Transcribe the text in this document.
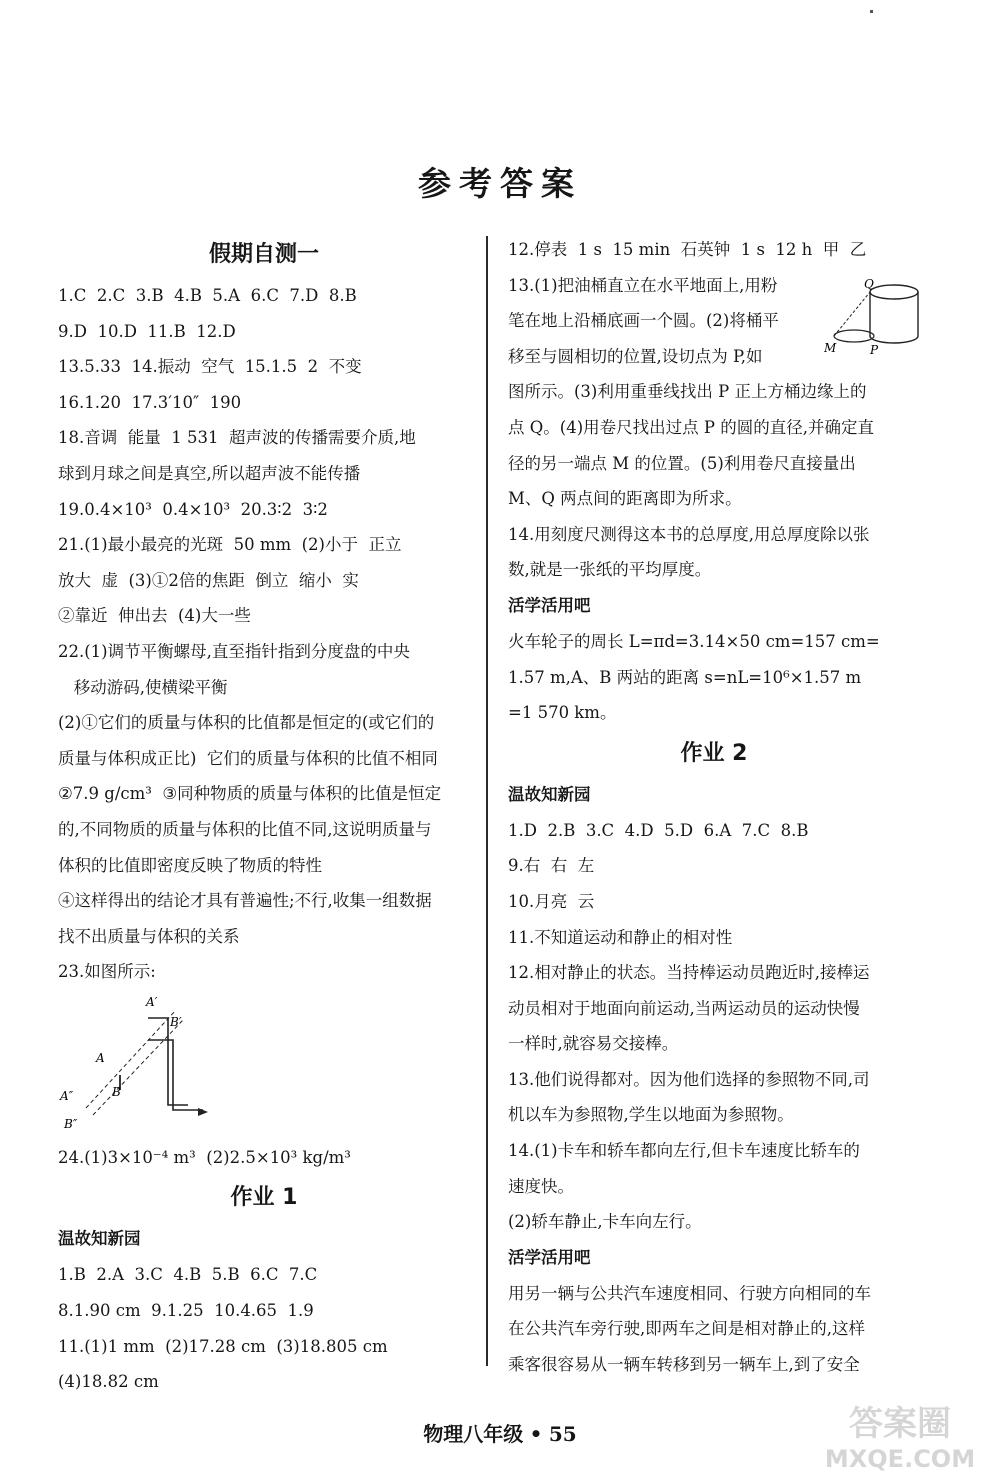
参考答案
假期自测一
1.C  2.C  3.B  4.B  5.A  6.C  7.D  8.B
9.D  10.D  11.B  12.D
13.5.33  14.振动  空气  15.1.5  2  不变
16.1.20  17.3′10″  190
18.音调  能量  1 531  超声波的传播需要介质,地
球到月球之间是真空,所以超声波不能传播
19.0.4×10³  0.4×10³  20.3∶2  3∶2
21.(1)最小最亮的光斑  50 mm  (2)小于  正立
放大  虚  (3)①2倍的焦距  倒立  缩小  实
②靠近  伸出去  (4)大一些
22.(1)调节平衡螺母,直至指针指到分度盘的中央
移动游码,使横梁平衡
(2)①它们的质量与体积的比值都是恒定的(或它们的
质量与体积成正比)  它们的质量与体积的比值不相同
②7.9 g/cm³  ③同种物质的质量与体积的比值是恒定
的,不同物质的质量与体积的比值不同,这说明质量与
体积的比值即密度反映了物质的特性
④这样得出的结论才具有普遍性;不行,收集一组数据
找不出质量与体积的关系
23.如图所示:
A′
B′
A
B
A″
B″
24.(1)3×10⁻⁴ m³  (2)2.5×10³ kg/m³
作业 1
温故知新园
1.B  2.A  3.C  4.B  5.B  6.C  7.C
8.1.90 cm  9.1.25  10.4.65  1.9
11.(1)1 mm  (2)17.28 cm  (3)18.805 cm
(4)18.82 cm
12.停表  1 s  15 min  石英钟  1 s  12 h  甲  乙
13.(1)把油桶直立在水平地面上,用粉
笔在地上沿桶底画一个圆。(2)将桶平
移至与圆相切的位置,设切点为 P,如
图所示。(3)利用重垂线找出 P 正上方桶边缘上的
点 Q。(4)用卷尺找出过点 P 的圆的直径,并确定直
径的另一端点 M 的位置。(5)利用卷尺直接量出
M、Q 两点间的距离即为所求。
14.用刻度尺测得这本书的总厚度,用总厚度除以张
数,就是一张纸的平均厚度。
活学活用吧
火车轮子的周长 L=πd=3.14×50 cm=157 cm=
1.57 m,A、B 两站的距离 s=nL=10⁶×1.57 m
=1 570 km。
作业 2
温故知新园
1.D  2.B  3.C  4.D  5.D  6.A  7.C  8.B
9.右  右  左
10.月亮  云
11.不知道运动和静止的相对性
12.相对静止的状态。当持棒运动员跑近时,接棒运
动员相对于地面向前运动,当两运动员的运动快慢
一样时,就容易交接棒。
13.他们说得都对。因为他们选择的参照物不同,司
机以车为参照物,学生以地面为参照物。
14.(1)卡车和轿车都向左行,但卡车速度比轿车的
速度快。
(2)轿车静止,卡车向左行。
活学活用吧
用另一辆与公共汽车速度相同、行驶方向相同的车
在公共汽车旁行驶,即两车之间是相对静止的,这样
乘客很容易从一辆车转移到另一辆车上,到了安全
Q
M	P
物理八年级 • 55	答案圈
MXQE.COM
